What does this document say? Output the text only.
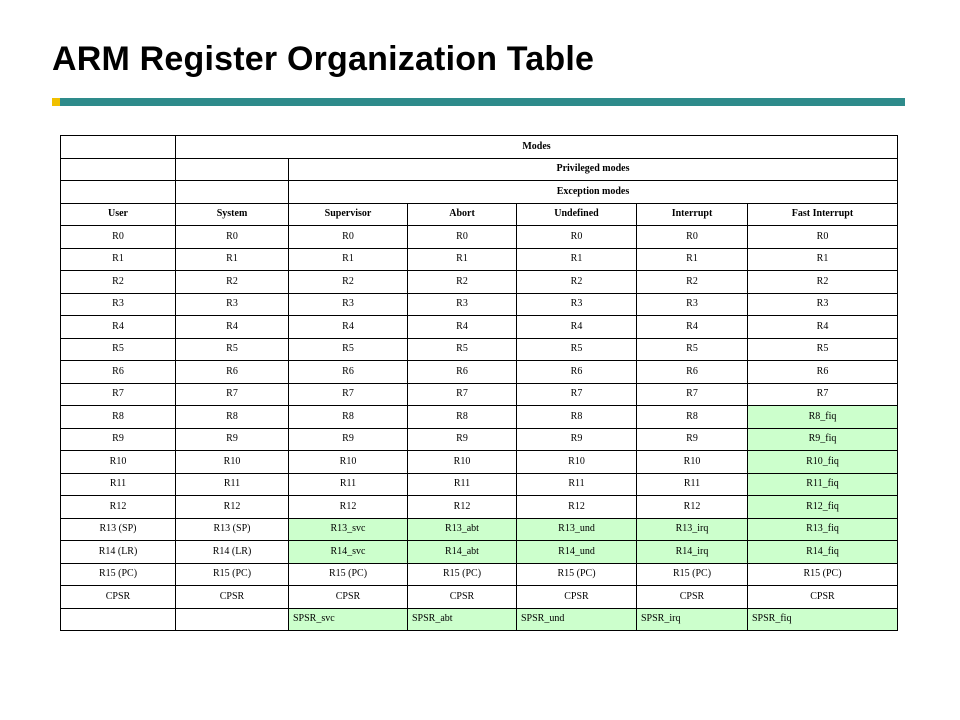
ARM Register Organization Table
	Modes					
		Privileged modes				
		Exception modes				
User	System	Supervisor	Abort	Undefined	Interrupt	Fast Interrupt
R0	R0	R0	R0	R0	R0	R0
R1	R1	R1	R1	R1	R1	R1
R2	R2	R2	R2	R2	R2	R2
R3	R3	R3	R3	R3	R3	R3
R4	R4	R4	R4	R4	R4	R4
R5	R5	R5	R5	R5	R5	R5
R6	R6	R6	R6	R6	R6	R6
R7	R7	R7	R7	R7	R7	R7
R8	R8	R8	R8	R8	R8	R8_fiq
R9	R9	R9	R9	R9	R9	R9_fiq
R10	R10	R10	R10	R10	R10	R10_fiq
R11	R11	R11	R11	R11	R11	R11_fiq
R12	R12	R12	R12	R12	R12	R12_fiq
R13 (SP)	R13 (SP)	R13_svc	R13_abt	R13_und	R13_irq	R13_fiq
R14 (LR)	R14 (LR)	R14_svc	R14_abt	R14_und	R14_irq	R14_fiq
R15 (PC)	R15 (PC)	R15 (PC)	R15 (PC)	R15 (PC)	R15 (PC)	R15 (PC)
CPSR	CPSR	CPSR	CPSR	CPSR	CPSR	CPSR
		SPSR_svc	SPSR_abt	SPSR_und	SPSR_irq	SPSR_fiq
